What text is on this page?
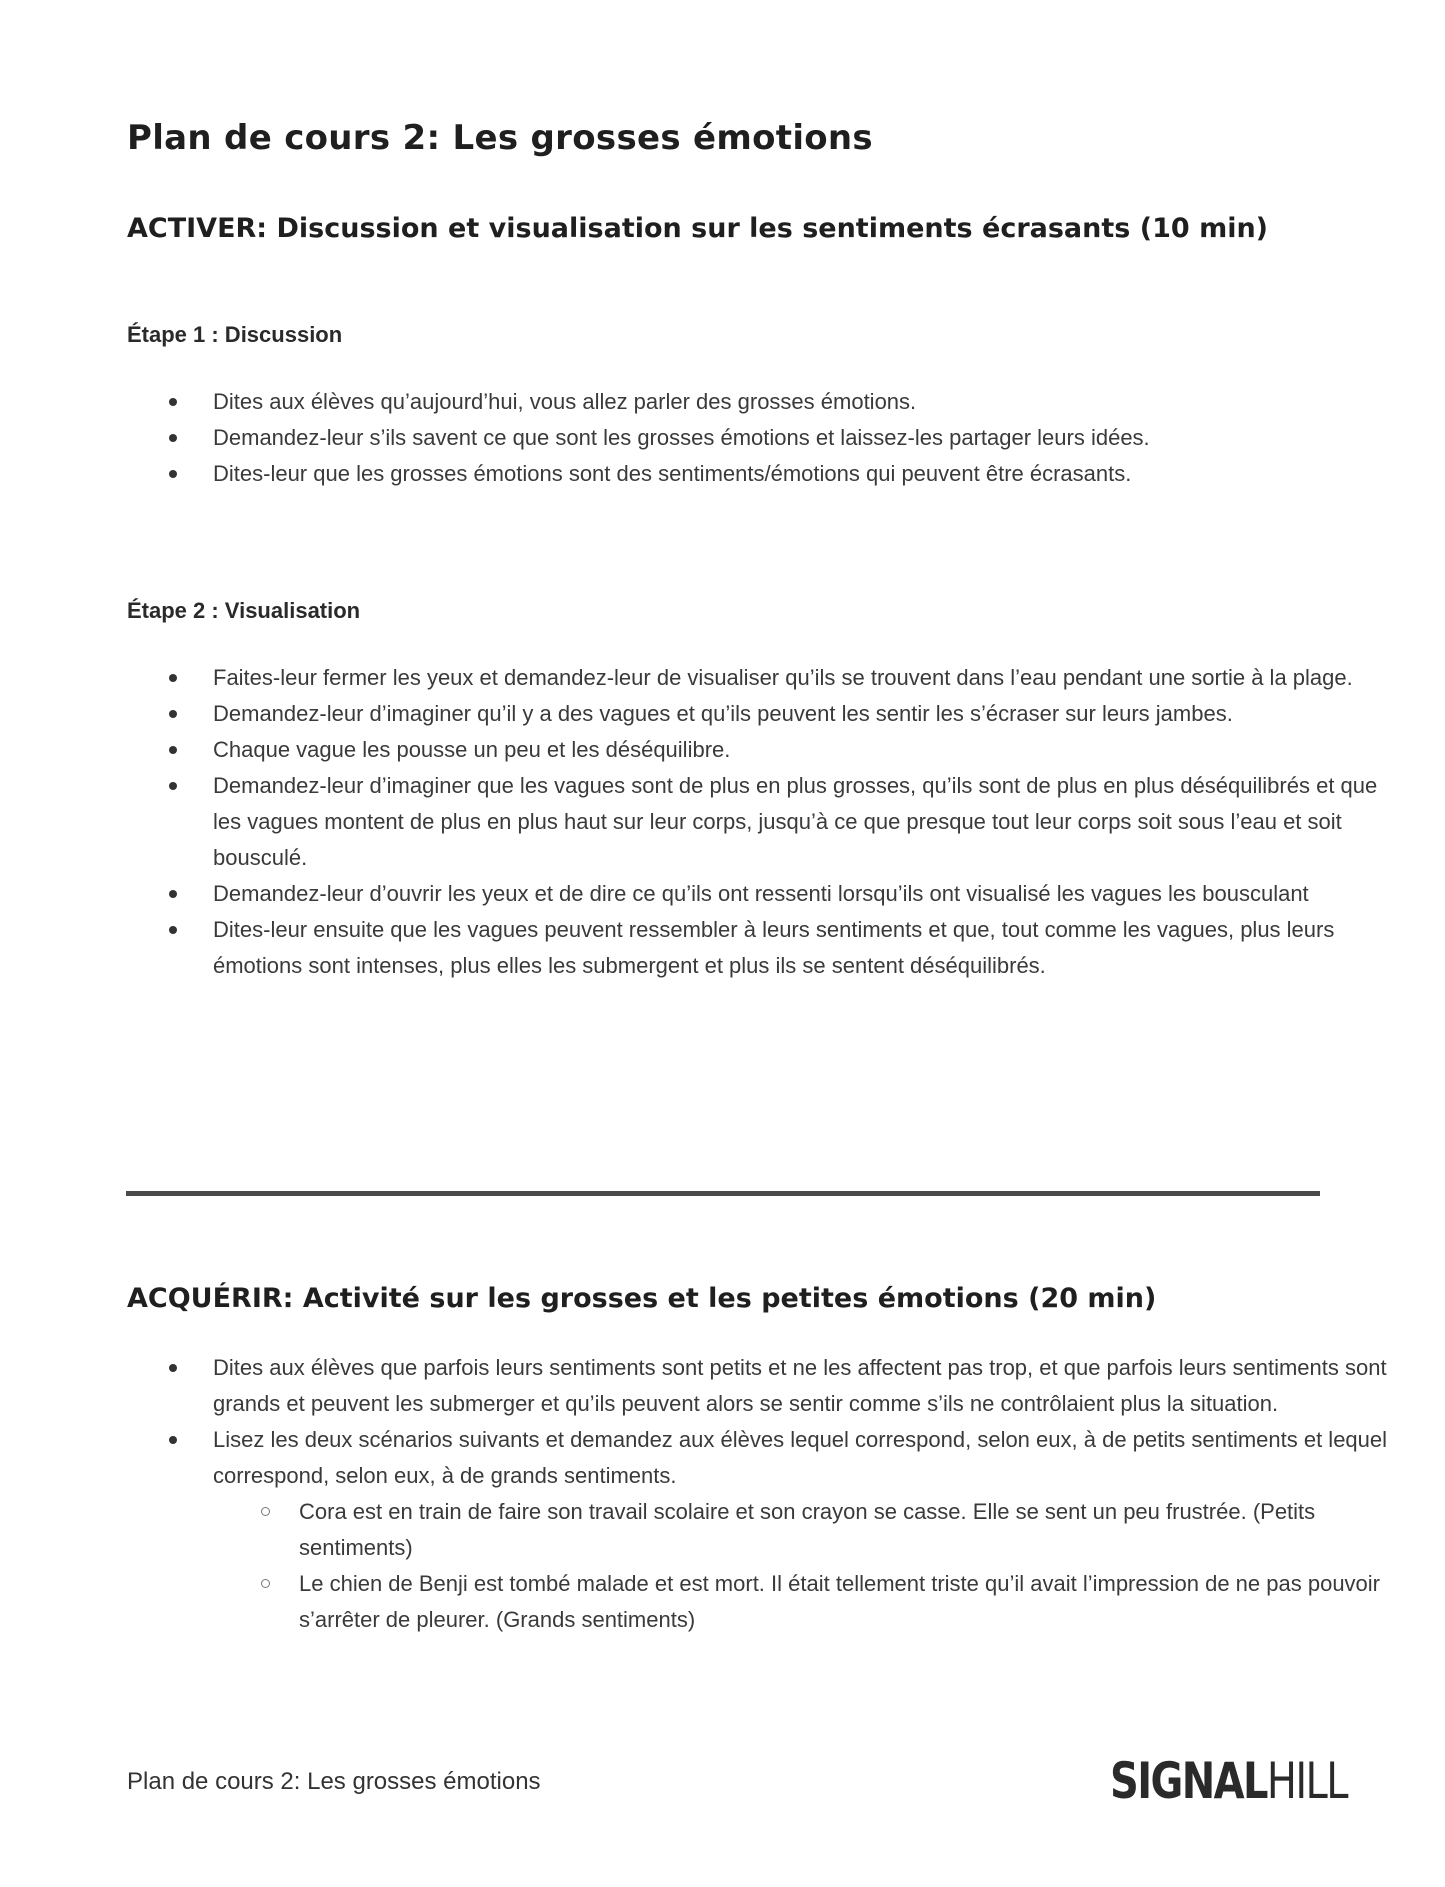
Plan de cours 2: Les grosses émotions
ACTIVER: Discussion et visualisation sur les sentiments écrasants (10 min)
Étape 1 : Discussion
Dites aux élèves qu’aujourd’hui, vous allez parler des grosses émotions.
Demandez-leur s’ils savent ce que sont les grosses émotions et laissez-les partager leurs idées.
Dites-leur que les grosses émotions sont des sentiments/émotions qui peuvent être écrasants.
Étape 2 : Visualisation
Faites-leur fermer les yeux et demandez-leur de visualiser qu’ils se trouvent dans l’eau pendant une sortie à la plage.
Demandez-leur d’imaginer qu’il y a des vagues et qu’ils peuvent les sentir les s’écraser sur leurs jambes.
Chaque vague les pousse un peu et les déséquilibre.
Demandez-leur d’imaginer que les vagues sont de plus en plus grosses, qu’ils sont de plus en plus déséquilibrés et que les vagues montent de plus en plus haut sur leur corps, jusqu’à ce que presque tout leur corps soit sous l’eau et soit bousculé.
Demandez-leur d’ouvrir les yeux et de dire ce qu’ils ont ressenti lorsqu’ils ont visualisé les vagues les bousculant
Dites-leur ensuite que les vagues peuvent ressembler à leurs sentiments et que, tout comme les vagues, plus leurs émotions sont intenses, plus elles les submergent et plus ils se sentent déséquilibrés.
ACQUÉRIR: Activité sur les grosses et les petites émotions (20 min)
Dites aux élèves que parfois leurs sentiments sont petits et ne les affectent pas trop, et que parfois leurs sentiments sont grands et peuvent les submerger et qu’ils peuvent alors se sentir comme s’ils ne contrôlaient plus la situation.
Lisez les deux scénarios suivants et demandez aux élèves lequel correspond, selon eux, à de petits sentiments et lequel correspond, selon eux, à de grands sentiments.
Cora est en train de faire son travail scolaire et son crayon se casse. Elle se sent un peu frustrée. (Petits sentiments)
Le chien de Benji est tombé malade et est mort. Il était tellement triste qu’il avait l’impression de ne pas pouvoir s’arrêter de pleurer. (Grands sentiments)

Plan de cours 2: Les grosses émotions	SIGNALHILL
